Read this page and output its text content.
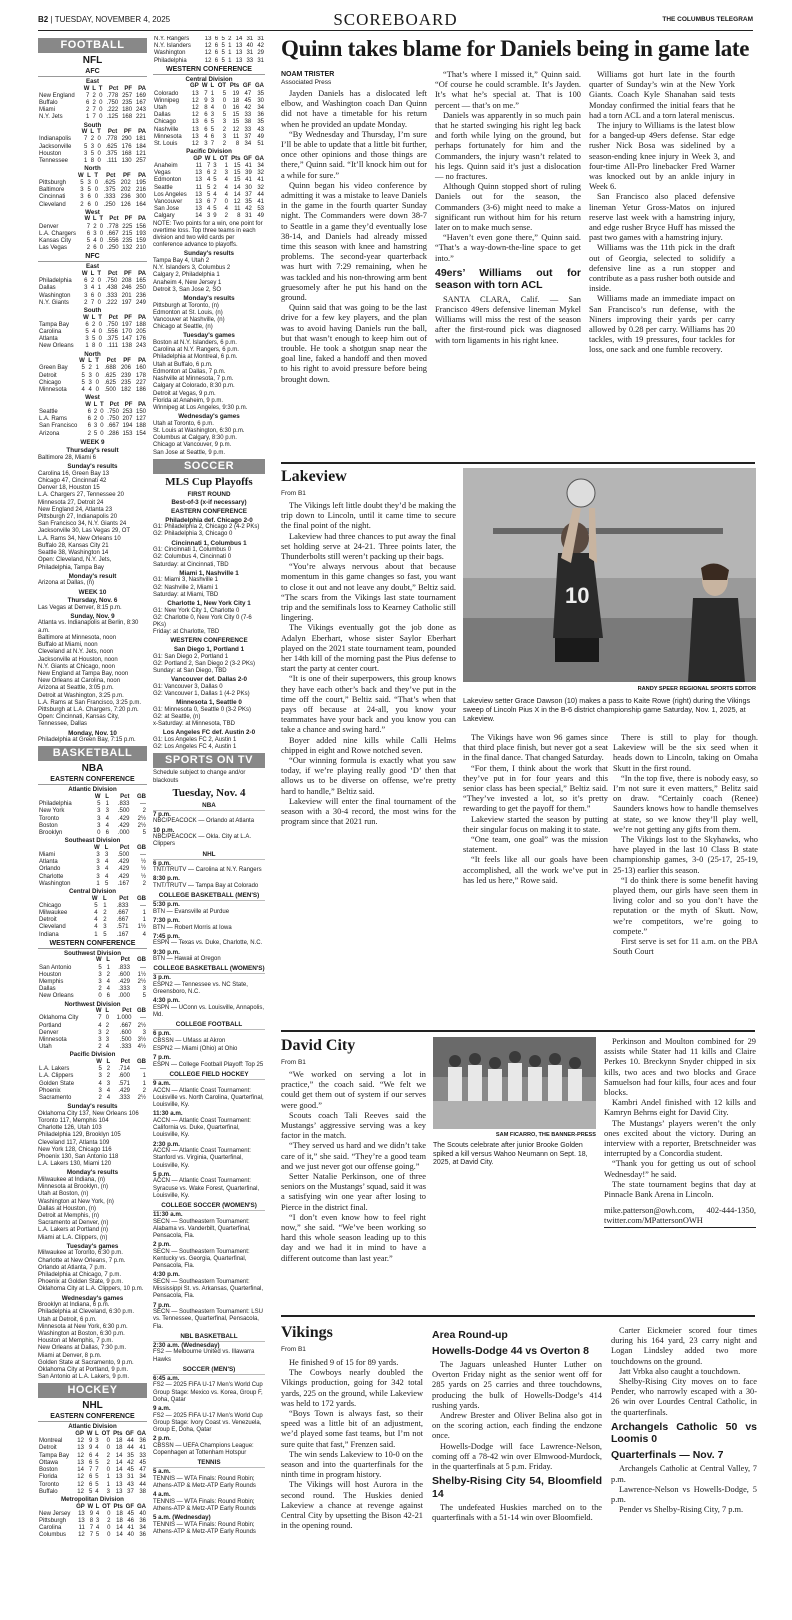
B2 | TUESDAY, NOVEMBER 4, 2025	SCOREBOARD	THE COLUMBUS TELEGRAM
FOOTBALL
NFL
AFC
East
	W	L	T	Pct	PF	PA
New England	7	2	0	.778	257	169
Buffalo	6	2	0	.750	235	167
Miami	2	7	0	.222	180	243
N.Y. Jets	1	7	0	.125	168	221
South
	W	L	T	Pct	PF	PA
Indianapolis	7	2	0	.778	290	181
Jacksonville	5	3	0	.625	176	184
Houston	3	5	0	.375	168	121
Tennessee	1	8	0	.111	130	257
North
	W	L	T	Pct	PF	PA
Pittsburgh	5	3	0	.625	202	195
Baltimore	3	5	0	.375	202	216
Cincinnati	3	6	0	.333	236	300
Cleveland	2	6	0	.250	126	164
West
	W	L	T	Pct	PF	PA
Denver	7	2	0	.778	225	156
L.A. Chargers	6	3	0	.667	215	193
Kansas City	5	4	0	.556	235	159
Las Vegas	2	6	0	.250	132	210
NFC
East
	W	L	T	Pct	PF	PA
Philadelphia	6	2	0	.750	208	165
Dallas	3	4	1	.438	246	250
Washington	3	6	0	.333	201	236
N.Y. Giants	2	7	0	.222	197	249
South
	W	L	T	Pct	PF	PA
Tampa Bay	6	2	0	.750	197	188
Carolina	5	4	0	.556	170	205
Atlanta	3	5	0	.375	147	176
New Orleans	1	8	0	.111	138	243
North
	W	L	T	Pct	PF	PA
Green Bay	5	2	1	.688	206	160
Detroit	5	3	0	.625	239	178
Chicago	5	3	0	.625	235	227
Minnesota	4	4	0	.500	182	186
West
	W	L	T	Pct	PF	PA
Seattle	6	2	0	.750	253	150
L.A. Rams	6	2	0	.750	207	127
San Francisco	6	3	0	.667	194	188
Arizona	2	5	0	.286	153	154
WEEK 9
Thursday's result
Baltimore 28, Miami 6
Sunday's results
Carolina 16, Green Bay 13
Chicago 47, Cincinnati 42
Denver 18, Houston 15
L.A. Chargers 27, Tennessee 20
Minnesota 27, Detroit 24
New England 24, Atlanta 23
Pittsburgh 27, Indianapolis 20
San Francisco 34, N.Y. Giants 24
Jacksonville 30, Las Vegas 29, OT
L.A. Rams 34, New Orleans 10
Buffalo 28, Kansas City 21
Seattle 38, Washington 14
Open: Cleveland, N.Y. Jets, Philadelphia, Tampa Bay
Monday's result
Arizona at Dallas, (n)
WEEK 10
Thursday, Nov. 6
Las Vegas at Denver, 8:15 p.m.
Sunday, Nov. 9
Atlanta vs. Indianapolis at Berlin, 8:30 a.m.
Baltimore at Minnesota, noon
Buffalo at Miami, noon
Cleveland at N.Y. Jets, noon
Jacksonville at Houston, noon
N.Y. Giants at Chicago, noon
New England at Tampa Bay, noon
New Orleans at Carolina, noon
Arizona at Seattle, 3:05 p.m.
Detroit at Washington, 3:25 p.m.
L.A. Rams at San Francisco, 3:25 p.m.
Pittsburgh at L.A. Chargers, 7:20 p.m.
Open: Cincinnati, Kansas City, Tennessee, Dallas
Monday, Nov. 10
Philadelphia at Green Bay, 7:15 p.m.
BASKETBALL
NBA
EASTERN CONFERENCE
Atlantic Division
	W	L	Pct	GB
Philadelphia	5	1	.833	—
New York	3	3	.500	2
Toronto	3	4	.429	2½
Boston	3	4	.429	2½
Brooklyn	0	6	.000	5
Southeast Division
	W	L	Pct	GB
Miami	3	3	.500	—
Atlanta	3	4	.429	½
Orlando	3	4	.429	½
Charlotte	3	4	.429	½
Washington	1	5	.167	2
Central Division
	W	L	Pct	GB
Chicago	5	1	.833	—
Milwaukee	4	2	.667	1
Detroit	4	2	.667	1
Cleveland	4	3	.571	1½
Indiana	1	5	.167	4
WESTERN CONFERENCE
Southwest Division
	W	L	Pct	GB
San Antonio	5	1	.833	—
Houston	3	2	.600	1½
Memphis	3	4	.429	2½
Dallas	2	4	.333	3
New Orleans	0	6	.000	5
Northwest Division
	W	L	Pct	GB
Oklahoma City	7	0	1.000	—
Portland	4	2	.667	2½
Denver	3	2	.600	3
Minnesota	3	3	.500	3½
Utah	2	4	.333	4½
Pacific Division
	W	L	Pct	GB
L.A. Lakers	5	2	.714	—
L.A. Clippers	3	2	.600	1
Golden State	4	3	.571	1
Phoenix	3	4	.429	2
Sacramento	2	4	.333	2½
Sunday's results
Oklahoma City 137, New Orleans 106
Toronto 117, Memphis 104
Charlotte 126, Utah 103
Philadelphia 129, Brooklyn 105
Cleveland 117, Atlanta 109
New York 128, Chicago 116
Phoenix 130, San Antonio 118
L.A. Lakers 130, Miami 120
Monday's results
Milwaukee at Indiana, (n)
Minnesota at Brooklyn, (n)
Utah at Boston, (n)
Washington at New York, (n)
Dallas at Houston, (n)
Detroit at Memphis, (n)
Sacramento at Denver, (n)
L.A. Lakers at Portland (n)
Miami at L.A. Clippers, (n)
Tuesday's games
Milwaukee at Toronto, 6:30 p.m.
Charlotte at New Orleans, 7 p.m.
Orlando at Atlanta, 7 p.m.
Philadelphia at Chicago, 7 p.m.
Phoenix at Golden State, 9 p.m.
Oklahoma City at L.A. Clippers, 10 p.m.
Wednesday's games
Brooklyn at Indiana, 6 p.m.
Philadelphia at Cleveland, 6:30 p.m.
Utah at Detroit, 6 p.m.
Minnesota at New York, 6:30 p.m.
Washington at Boston, 6:30 p.m.
Houston at Memphis, 7 p.m.
New Orleans at Dallas, 7:30 p.m.
Miami at Denver, 8 p.m.
Golden State at Sacramento, 9 p.m.
Oklahoma City at Portland, 9 p.m.
San Antonio at L.A. Lakers, 9 p.m.
HOCKEY
NHL
EASTERN CONFERENCE
Atlantic Division
	GP	W	L	OT	Pts	GF	GA
Montreal	12	9	3	0	18	44	36
Detroit	13	9	4	0	18	44	41
Tampa Bay	12	6	4	2	14	35	33
Ottawa	13	6	5	2	14	42	45
Boston	14	7	7	0	14	45	47
Florida	12	6	5	1	13	31	34
Toronto	12	6	5	1	13	43	44
Buffalo	12	5	4	3	13	37	38
Metropolitan Division
	GP	W	L	OT	Pts	GF	GA
New Jersey	13	9	4	0	18	45	40
Pittsburgh	13	8	3	2	18	46	36
Carolina	11	7	4	0	14	41	34
Columbus	12	7	5	0	14	40	36
N.Y. Rangers	13	6	5	2	14	31	31
N.Y. Islanders	12	6	5	1	13	40	42
Washington	12	6	5	1	13	31	29
Philadelphia	12	6	5	1	13	33	31
WESTERN CONFERENCE
Central Division
	GP	W	L	OT	Pts	GF	GA
Colorado	13	7	1	5	19	47	35
Winnipeg	12	9	3	0	18	45	30
Utah	12	8	4	0	16	42	34
Dallas	12	6	3	5	15	33	36
Chicago	13	6	5	3	15	38	35
Nashville	13	6	5	2	12	33	43
Minnesota	13	4	6	3	11	37	49
St. Louis	12	3	7	2	8	34	51
Pacific Division
	GP	W	L	OT	Pts	GF	GA
Anaheim	11	7	3	1	15	41	34
Vegas	13	6	2	3	15	39	32
Edmonton	13	4	5	4	15	41	41
Seattle	11	5	2	4	14	30	32
Los Angeles	13	5	4	4	14	37	44
Vancouver	13	6	7	0	12	35	41
San Jose	13	4	5	4	11	42	53
Calgary	14	3	9	2	8	31	49
NOTE: Two points for a win, one point for overtime loss. Top three teams in each division and two wild cards per conference advance to playoffs.
Sunday's results
Tampa Bay 4, Utah 2
N.Y. Islanders 3, Columbus 2
Calgary 2, Philadelphia 1
Anaheim 4, New Jersey 1
Detroit 3, San Jose 2, SO
Monday's results
Pittsburgh at Toronto, (n)
Edmonton at St. Louis, (n)
Vancouver at Nashville, (n)
Chicago at Seattle, (n)
Tuesday's games
Boston at N.Y. Islanders, 6 p.m.
Carolina at N.Y. Rangers, 6 p.m.
Philadelphia at Montreal, 6 p.m.
Utah at Buffalo, 6 p.m.
Edmonton at Dallas, 7 p.m.
Nashville at Minnesota, 7 p.m.
Calgary at Colorado, 8:30 p.m.
Detroit at Vegas, 9 p.m.
Florida at Anaheim, 9 p.m.
Winnipeg at Los Angeles, 9:30 p.m.
Wednesday's games
Utah at Toronto, 6 p.m.
St. Louis at Washington, 6:30 p.m.
Columbus at Calgary, 8:30 p.m.
Chicago at Vancouver, 9 p.m.
San Jose at Seattle, 9 p.m.
SOCCER
MLS Cup Playoffs
FIRST ROUND
Best-of-3 (x-if necessary)
EASTERN CONFERENCE
Philadelphia def. Chicago 2-0
G1: Philadelphia 2, Chicago 2 (4-2 PKs)
G2: Philadelphia 3, Chicago 0
Cincinnati 1, Columbus 1
G1: Cincinnati 1, Columbus 0
G2: Columbus 4, Cincinnati 0
Saturday: at Cincinnati, TBD
Miami 1, Nashville 1
G1: Miami 3, Nashville 1
G2: Nashville 2, Miami 1
Saturday: at Miami, TBD
Charlotte 1, New York City 1
G1: New York City 1, Charlotte 0
G2: Charlotte 0, New York City 0 (7-6 PKs)
Friday: at Charlotte, TBD
WESTERN CONFERENCE
San Diego 1, Portland 1
G1: San Diego 2, Portland 1
G2: Portland 2, San Diego 2 (3-2 PKs)
Sunday: at San Diego, TBD
Vancouver def. Dallas 2-0
G1: Vancouver 3, Dallas 0
G2: Vancouver 1, Dallas 1 (4-2 PKs)
Minnesota 1, Seattle 0
G1: Minnesota 0, Seattle 0 (3-2 PKs)
G2: at Seattle, (n)
x-Saturday: at Minnesota, TBD
Los Angeles FC def. Austin 2-0
G1: Los Angeles FC 2, Austin 1
G2: Los Angeles FC 4, Austin 1
SPORTS ON TV
Schedule subject to change and/or blackouts
Tuesday, Nov. 4
NBA
7 p.m.
NBC/PEACOCK — Orlando at Atlanta
10 p.m.
NBC/PEACOCK — Okla. City at L.A. Clippers
NHL
6 p.m.
TNT/TRUTV — Carolina at N.Y. Rangers
8:30 p.m.
TNT/TRUTV — Tampa Bay at Colorado
COLLEGE BASKETBALL (MEN'S)
5:30 p.m.
BTN — Evansville at Purdue
7:30 p.m.
BTN — Robert Morris at Iowa
7:45 p.m.
ESPN — Texas vs. Duke, Charlotte, N.C.
9:30 p.m.
BTN — Hawaii at Oregon
COLLEGE BASKETBALL (WOMEN'S)
3 p.m.
ESPN2 — Tennessee vs. NC State, Greensboro, N.C.
4:30 p.m.
ESPN — UConn vs. Louisville, Annapolis, Md.
COLLEGE FOOTBALL
6 p.m.
CBSSN — UMass at Akron
ESPN2 — Miami (Ohio) at Ohio
7 p.m.
ESPN — College Football Playoff: Top 25
COLLEGE FIELD HOCKEY
9 a.m.
ACCN — Atlantic Coast Tournament: Louisville vs. North Carolina, Quarterfinal, Louisville, Ky.
11:30 a.m.
ACCN — Atlantic Coast Tournament: California vs. Duke, Quarterfinal, Louisville, Ky.
2:30 p.m.
ACCN — Atlantic Coast Tournament: Stanford vs. Virginia, Quarterfinal, Louisville, Ky.
5 p.m.
ACCN — Atlantic Coast Tournament: Syracuse vs. Wake Forest, Quarterfinal, Louisville, Ky.
COLLEGE SOCCER (WOMEN'S)
11:30 a.m.
SECN — Southeastern Tournament: Alabama vs. Vanderbilt, Quarterfinal, Pensacola, Fla.
2 p.m.
SECN — Southeastern Tournament: Kentucky vs. Georgia, Quarterfinal, Pensacola, Fla.
4:30 p.m.
SECN — Southeastern Tournament: Mississippi St. vs. Arkansas, Quarterfinal, Pensacola, Fla.
7 p.m.
SECN — Southeastern Tournament: LSU vs. Tennessee, Quarterfinal, Pensacola, Fla.
NBL BASKETBALL
2:30 a.m. (Wednesday)
FS2 — Melbourne United vs. Illawarra Hawks
SOCCER (MEN'S)
6:45 a.m.
FS2 — 2025 FIFA U-17 Men's World Cup Group Stage: Mexico vs. Korea, Group F, Doha, Qatar
9 a.m.
FS2 — 2025 FIFA U-17 Men's World Cup Group Stage: Ivory Coast vs. Venezuela, Group E, Doha, Qatar
2 p.m.
CBSSN — UEFA Champions League: Copenhagen at Tottenham Hotspur
TENNIS
5 a.m.
TENNIS — WTA Finals: Round Robin; Athens-ATP & Metz-ATP Early Rounds
4 a.m.
TENNIS — WTA Finals: Round Robin; Athens-ATP & Metz-ATP Early Rounds
5 a.m. (Wednesday)
TENNIS — WTA Finals: Round Robin; Athens-ATP & Metz-ATP Early Rounds
Quinn takes blame for Daniels being in game late
NOAM TRISTER
Associated Press

Jayden Daniels has a dislocated left elbow, and Washington coach Dan Quinn did not have a timetable for his return when he provided an update Monday.

“By Wednesday and Thursday, I’m sure I’ll be able to update that a little bit further, once other opinions and those things are there,” Quinn said. “It’ll knock him out for a while for sure.”

Quinn began his video conference by admitting it was a mistake to leave Daniels in the game in the fourth quarter Sunday night. The Commanders were down 38-7 to Seattle in a game they’d eventually lose 38-14, and Daniels had already missed time this season with knee and hamstring problems. The second-year quarterback was hurt with 7:29 remaining, when he was tackled and his non-throwing arm bent gruesomely after he put his hand on the ground.

Quinn said that was going to be the last drive for a few key players, and the plan was to avoid having Daniels run the ball, but that wasn’t enough to keep him out of trouble. He took a shotgun snap near the goal line, faked a handoff and then moved to his right to avoid pressure before being brought down.

“That’s where I missed it,” Quinn said. “Of course he could scramble. It’s Jayden. It’s what he’s special at. That is 100 percent — that’s on me.”

Daniels was apparently in so much pain that he started swinging his right leg back and forth while lying on the ground, but perhaps fortunately for him and the Commanders, the injury wasn’t related to his legs. Quinn said it’s just a dislocation — no fractures.

Although Quinn stopped short of ruling Daniels out for the season, the Commanders (3-6) might need to make a significant run without him for his return later on to make much sense.

“Haven’t even gone there,” Quinn said. “That’s a way-down-the-line space to get into.”

49ers’ Williams out for season with torn ACL

SANTA CLARA, Calif. — San Francisco 49ers defensive lineman Mykel Williams will miss the rest of the season after the first-round pick was diagnosed with torn ligaments in his right knee.

Williams got hurt late in the fourth quarter of Sunday’s win at the New York Giants. Coach Kyle Shanahan said tests Monday confirmed the initial fears that he had a torn ACL and a torn lateral meniscus.

The injury to Williams is the latest blow for a banged-up 49ers defense. Star edge rusher Nick Bosa was sidelined by a season-ending knee injury in Week 3, and four-time All-Pro linebacker Fred Warner was knocked out by an ankle injury in Week 6.

San Francisco also placed defensive lineman Yetur Gross-Matos on injured reserve last week with a hamstring injury, and edge rusher Bryce Huff has missed the past two games with a hamstring injury.

Williams was the 11th pick in the draft out of Georgia, selected to solidify a defensive line as a run stopper and contribute as a pass rusher both outside and inside.

Williams made an immediate impact on San Francisco’s run defense, with the Niners improving their yards per carry allowed by 0.28 per carry. Williams has 20 tackles, with 19 pressures, four tackles for loss, one sack and one fumble recovery.

Lakeview
From B1
10
RANDY SPEER REGIONAL SPORTS EDITOR
Lakeview setter Grace Dawson (10) makes a pass to Kaite Rowe (right) during the Vikings sweep of Lincoln Pius X in the B-6 district championship game Saturday, Nov. 1, 2025, at Lakeview.

The Vikings left little doubt they’d be making the trip down to Lincoln, until it came time to secure the final point of the night.

Lakeview had three chances to put away the final set holding serve at 24-21. Three points later, the Thunderbolts still weren’t packing up their bags.

“You’re always nervous about that because momentum in this game changes so fast, you want to close it out and not leave any doubt,” Beltiz said. “The scars from the Vikings last state tournament trip and the semifinals loss to Kearney Catholic still lingering.

The Vikings eventually got the job done as Adalyn Eberhart, whose sister Saylor Eberhart played on the 2021 state tournament team, pounded her 14th kill of the morning past the Pius defense to start the party at center court.

“It is one of their superpowers, this group knows they have each other’s back and they’ve put in the time off the court,” Beltiz said. “That’s when that pays off because at 24-all, you know your teammates have your back and you know you can take a chance and swing hard.”

Boyer added nine kills while Calli Helms chipped in eight and Rowe notched seven.

“Our winning formula is exactly what you saw today, if we’re playing really good ‘D’ then that allows us to be diverse on offense, we’re pretty hard to handle,” Beltiz said.

Lakeview will enter the final tournament of the season with a 30-4 record, the most wins for the program since that 2021 run.

The Vikings have won 96 games since that third place finish, but never got a seat in the final dance. That changed Saturday.

“For them, I think about the work that they’ve put in for four years and this senior class has been special,” Beltiz said. “They’ve invested a lot, so it’s pretty rewarding to get the payoff for them.”

Lakeview started the season by putting their singular focus on making it to state.

“One team, one goal” was the mission statement.

“It feels like all our goals have been accomplished, all the work we’ve put in has led us here,” Rowe said.

There is still to play for though. Lakeview will be the six seed when it heads down to Lincoln, taking on Omaha Skutt in the first round.

“In the top five, there is nobody easy, so I’m not sure it even matters,” Belitz said on draw. “Certainly coach (Renee) Saunders knows how to handle themselves at state, so we know they’ll play well, we’re not getting any gifts from them.

The Vikings lost to the Skyhawks, who have played in the last 10 Class B state championship games, 3-0 (25-17, 25-19, 25-13) earlier this season.

“I do think there is some benefit having played them, our girls have seen them in living color and so you don’t have the reputation or the myth of Skutt. Now, we’re competitors, we’re going to compete.”

First serve is set for 11 a.m. on the PBA South Court

David City
From B1
SAM FICARRO, THE BANNER-PRESS
The Scouts celebrate after junior Brooke Golden spiked a kill versus Wahoo Neumann on Sept. 18, 2025, at David City.

“We worked on serving a lot in practice,” the coach said. “We felt we could get them out of system if our serves were good.”

Scouts coach Tali Reeves said the Mustangs’ aggressive serving was a key factor in the match.

“They served us hard and we didn’t take care of it,” she said. “They’re a good team and we just never got our offense going.”

Setter Natalie Perkinson, one of three seniors on the Mustangs’ squad, said it was a satisfying win one year after losing to Pierce in the district final.

“I don’t even know how to feel right now,” she said. “We’ve been working so hard this whole season leading up to this day and we had it in mind to have a different outcome than last year.”

Perkinson and Moulton combined for 29 assists while Stater had 11 kills and Claire Perkes 10. Breckynn Snyder chipped in six kills, two aces and two blocks and Grace Samuelson had four kills, four aces and four blocks.

Kambri Andel finished with 12 kills and Kamryn Behrns eight for David City.

The Mustangs’ players weren’t the only ones excited about the victory. During an interview with a reporter, Bretschneider was interrupted by a Concordia student.

“Thank you for getting us out of school Wednesday!” he said.

The state tournament begins that day at Pinnacle Bank Arena in Lincoln.

mike.patterson@owh.com, 402-444-1350, twitter.com/MPattersonOWH

Vikings
From B1

He finished 9 of 15 for 89 yards.

The Cowboys nearly doubled the Vikings production, going for 342 total yards, 225 on the ground, while Lakeview was held to 172 yards.

“Boys Town is always fast, so their speed was a little bit of an adjustment, we’d played some fast teams, but I’m not sure quite that fast,” Frenzen said.

The win sends Lakeview to 10-0 on the season and into the quarterfinals for the ninth time in program history.

The Vikings will host Aurora in the second round. The Huskies denied Lakeview a chance at revenge against Central City by upsetting the Bison 42-21 in the opening round.

Area Round-up
Howells-Dodge 44 vs Overton 8

The Jaguars unleashed Hunter Luther on Overton Friday night as the senior went off for 285 yards on 25 carries and three touchdowns, producing the bulk of Howells-Dodge’s 414 rushing yards.

Andrew Brester and Oliver Belina also got in on the scoring action, each finding the endzone once.

Howells-Dodge will face Lawrence-Nelson, coming off a 78-42 win over Elmwood-Murdock, in the quarterfinals at 5 p.m. Friday.

Shelby-Rising City 54, Bloomfield 14

The undefeated Huskies marched on to the quarterfinals with a 51-14 win over Bloomfield.

Carter Eickmeier scored four times during his 164 yard, 23 carry night and Logan Lindsley added two more touchdowns on the ground.

Jatt Vrbka also caught a touchdown.

Shelby-Rising City moves on to face Pender, who narrowly escaped with a 30-26 win over Lourdes Central Catholic, in the quarterfinals.

Archangels Catholic 50 vs Loomis 0
Quarterfinals — Nov. 7

Archangels Catholic at Central Valley, 7 p.m.

Lawrence-Nelson vs Howells-Dodge, 5 p.m.

Pender vs Shelby-Rising City, 7 p.m.
